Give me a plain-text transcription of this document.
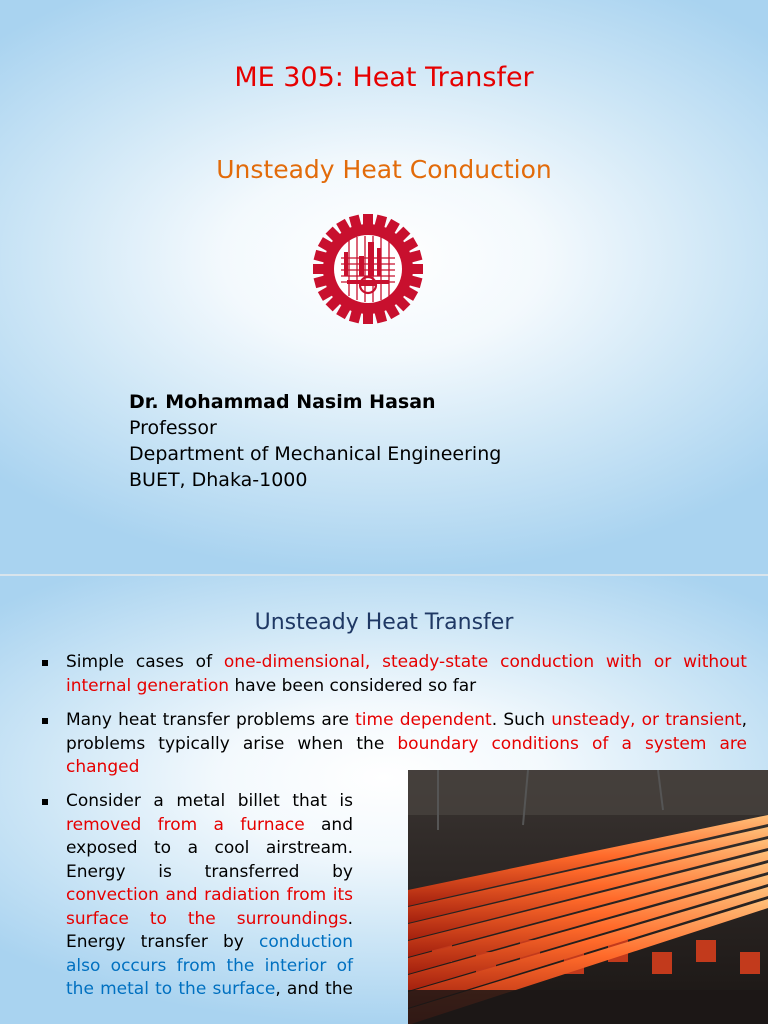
ME 305: Heat Transfer
Unsteady Heat Conduction
Dr. Mohammad Nasim Hasan
Professor
Department of Mechanical Engineering
BUET, Dhaka-1000
Unsteady Heat Transfer
Simple cases of one-dimensional, steady-state conduction with or without internal generation have been considered so far
Many heat transfer problems are time dependent. Such unsteady, or transient, problems typically arise when the boundary conditions of a system are changed
Consider a metal billet that is removed from a furnace and exposed to a cool airstream. Energy is transferred by convection and radiation from its surface to the surroundings. Energy transfer by conduction also occurs from the interior of the metal to the surface, and the
